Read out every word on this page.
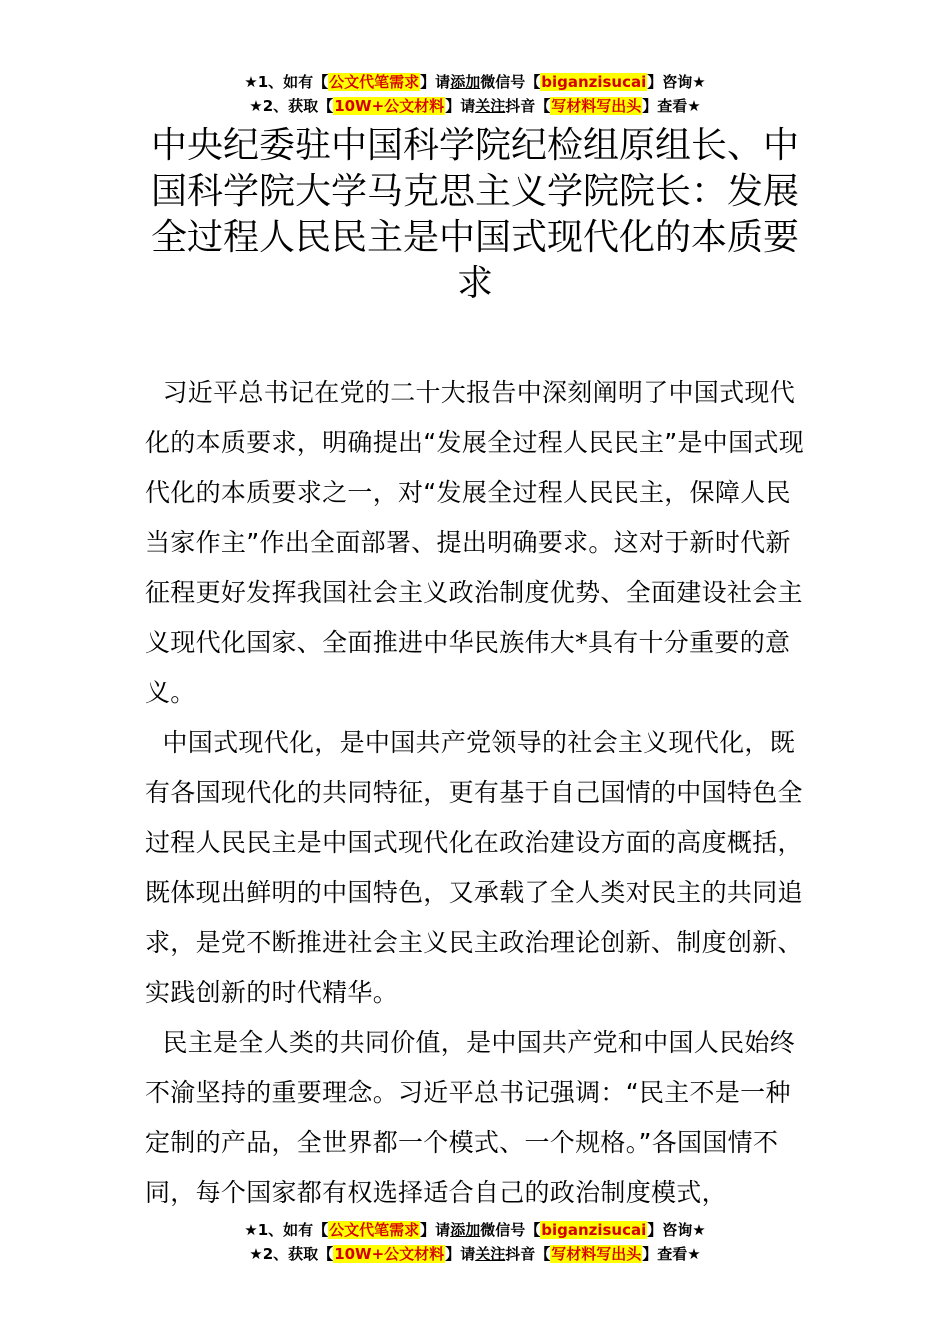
★1、如有【公文代笔需求】请添加微信号【biganzisucai】咨询★
★2、获取【10W+公文材料】请关注抖音【写材料写出头】查看★
中央纪委驻中国科学院纪检组原组长、中国科学院大学马克思主义学院院长：发展全过程人民民主是中国式现代化的本质要求

习近平总书记在党的二十大报告中深刻阐明了中国式现代化的本质要求，明确提出“发展全过程人民民主”是中国式现代化的本质要求之一，对“发展全过程人民民主，保障人民当家作主”作出全面部署、提出明确要求。这对于新时代新征程更好发挥我国社会主义政治制度优势、全面建设社会主义现代化国家、全面推进中华民族伟大*具有十分重要的意义。

中国式现代化，是中国共产党领导的社会主义现代化，既有各国现代化的共同特征，更有基于自己国情的中国特色全过程人民民主是中国式现代化在政治建设方面的高度概括，既体现出鲜明的中国特色，又承载了全人类对民主的共同追求，是党不断推进社会主义民主政治理论创新、制度创新、实践创新的时代精华。

民主是全人类的共同价值，是中国共产党和中国人民始终不渝坚持的重要理念。习近平总书记强调：“民主不是一种定制的产品，全世界都一个模式、一个规格。”各国国情不同，每个国家都有权选择适合自己的政治制度模式，

★1、如有【公文代笔需求】请添加微信号【biganzisucai】咨询★
★2、获取【10W+公文材料】请关注抖音【写材料写出头】查看★
